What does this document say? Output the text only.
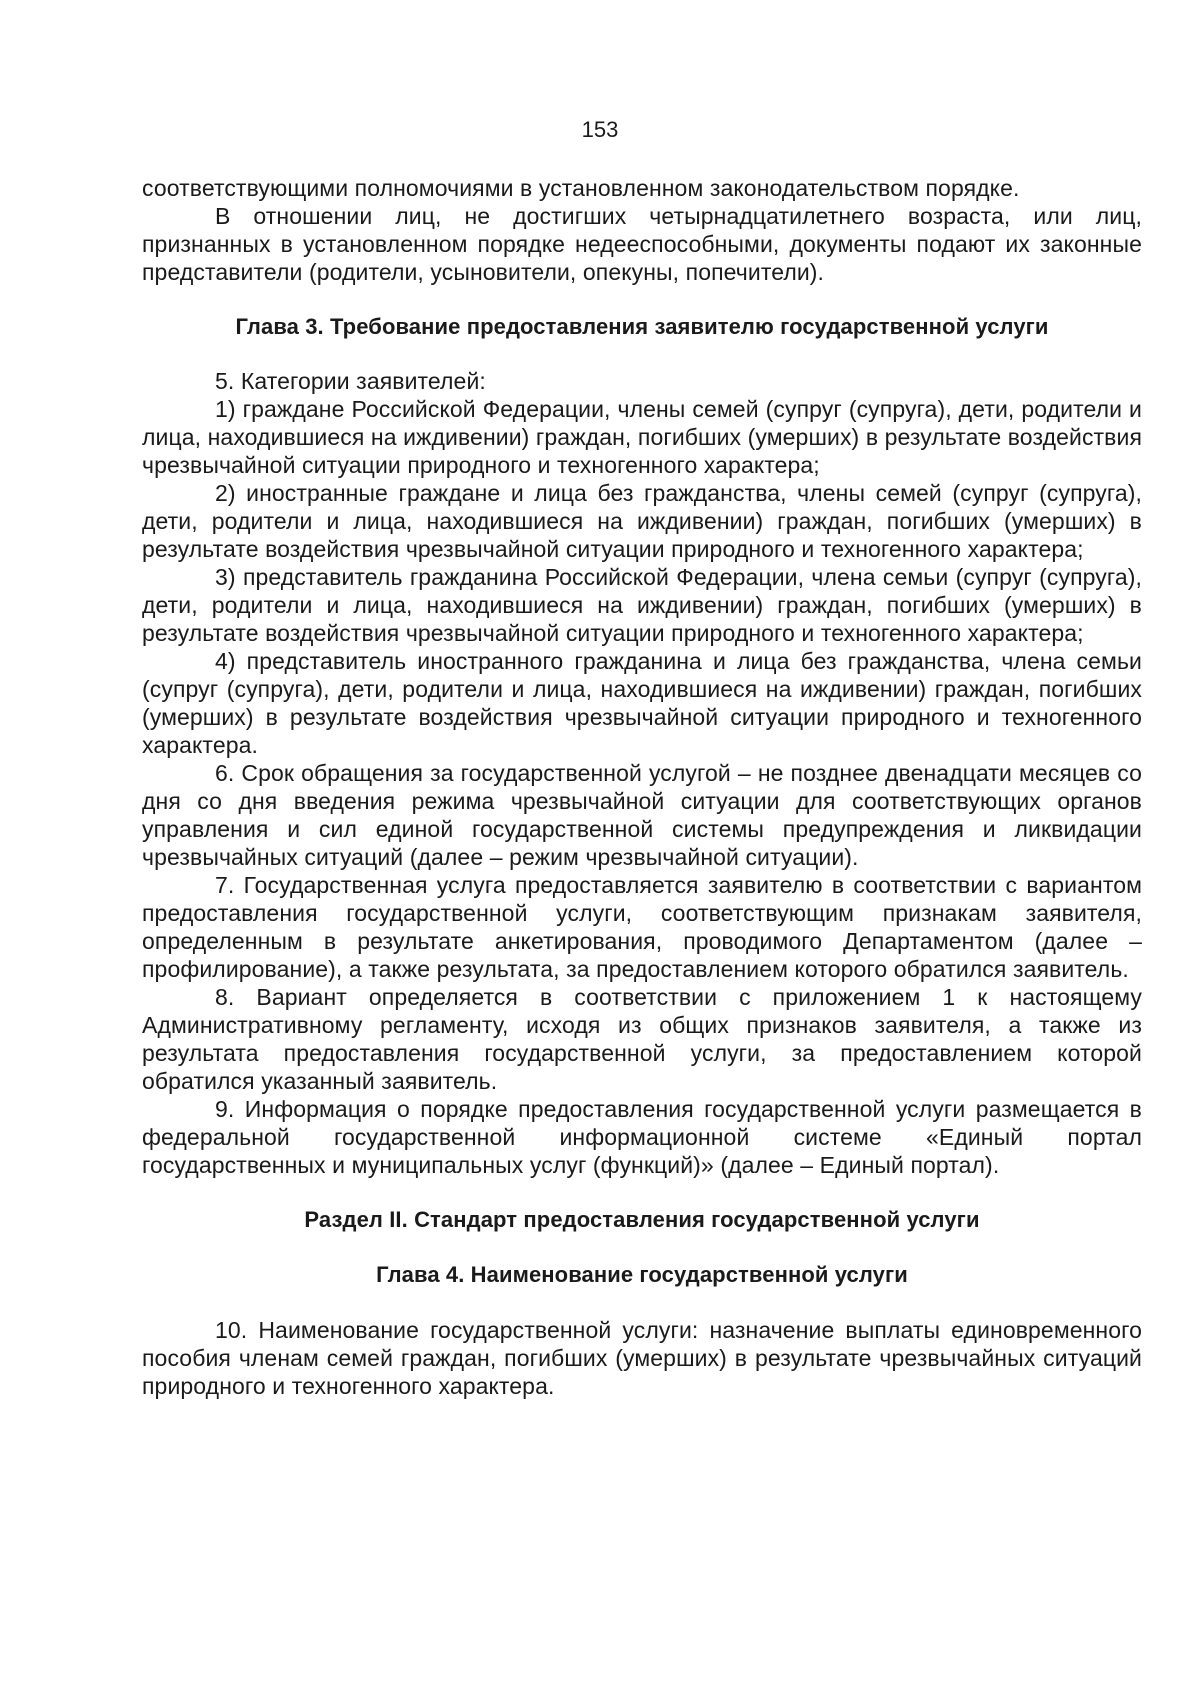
153

соответствующими полномочиями в установленном законодательством порядке.

В отношении лиц, не достигших четырнадцатилетнего возраста, или лиц, признанных в установленном порядке недееспособными, документы подают их законные представители (родители, усыновители, опекуны, попечители).

Глава 3. Требование предоставления заявителю государственной услуги

5. Категории заявителей:

1) граждане Российской Федерации, члены семей (супруг (супруга), дети, родители и лица, находившиеся на иждивении) граждан, погибших (умерших) в результате воздействия чрезвычайной ситуации природного и техногенного характера;

2) иностранные граждане и лица без гражданства, члены семей (супруг (супруга), дети, родители и лица, находившиеся на иждивении) граждан, погибших (умерших) в результате воздействия чрезвычайной ситуации природного и техногенного характера;

3) представитель гражданина Российской Федерации, члена семьи (супруг (супруга), дети, родители и лица, находившиеся на иждивении) граждан, погибших (умерших) в результате воздействия чрезвычайной ситуации природного и техногенного характера;

4) представитель иностранного гражданина и лица без гражданства, члена семьи (супруг (супруга), дети, родители и лица, находившиеся на иждивении) граждан, погибших (умерших) в результате воздействия чрезвычайной ситуации природного и техногенного характера.

6. Срок обращения за государственной услугой – не позднее двенадцати месяцев со дня со дня введения режима чрезвычайной ситуации для соответствующих органов управления и сил единой государственной системы предупреждения и ликвидации чрезвычайных ситуаций (далее – режим чрезвычайной ситуации).

7. Государственная услуга предоставляется заявителю в соответствии с вариантом предоставления государственной услуги, соответствующим признакам заявителя, определенным в результате анкетирования, проводимого Департаментом (далее – профилирование), а также результата, за предоставлением которого обратился заявитель.

8. Вариант определяется в соответствии с приложением 1 к настоящему Административному регламенту, исходя из общих признаков заявителя, а также из результата предоставления государственной услуги, за предоставлением которой обратился указанный заявитель.

9. Информация о порядке предоставления государственной услуги размещается в федеральной государственной информационной системе «Единый портал государственных и муниципальных услуг (функций)» (далее – Единый портал).

Раздел II. Стандарт предоставления государственной услуги
Глава 4. Наименование государственной услуги

10. Наименование государственной услуги: назначение выплаты единовременного пособия членам семей граждан, погибших (умерших) в результате чрезвычайных ситуаций природного и техногенного характера.
